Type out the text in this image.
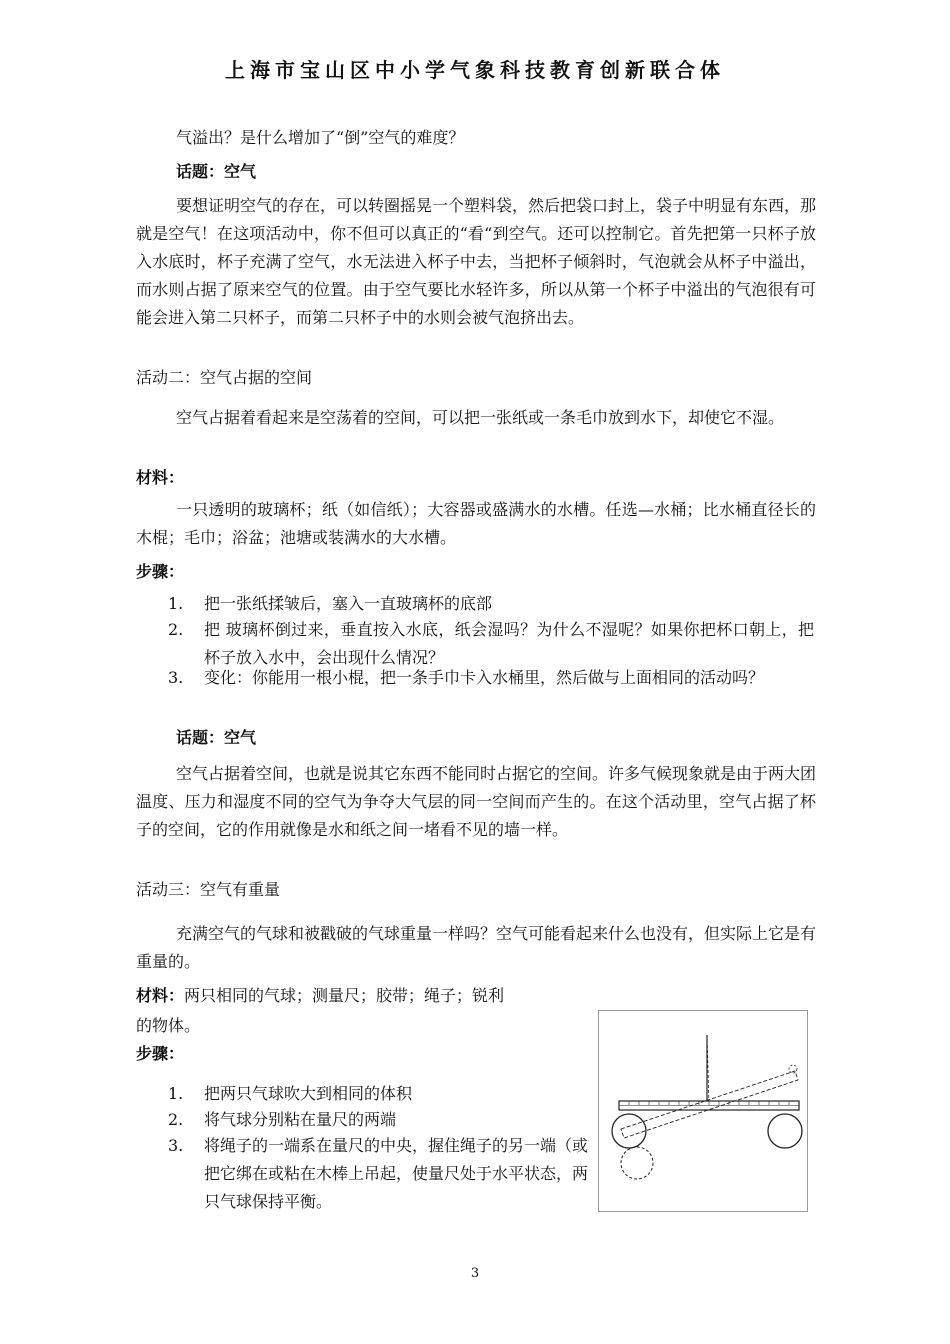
上海市宝山区中小学气象科技教育创新联合体

气溢出？是什么增加了“倒”空气的难度？

话题：空气

要想证明空气的存在，可以转圈摇晃一个塑料袋，然后把袋口封上，袋子中明显有东西，那就是空气！在这项活动中，你不但可以真正的“看“到空气。还可以控制它。首先把第一只杯子放入水底时，杯子充满了空气，水无法进入杯子中去，当把杯子倾斜时，气泡就会从杯子中溢出，而水则占据了原来空气的位置。由于空气要比水轻许多，所以从第一个杯子中溢出的气泡很有可能会进入第二只杯子，而第二只杯子中的水则会被气泡挤出去。

活动二：空气占据的空间

空气占据着看起来是空荡着的空间，可以把一张纸或一条毛巾放到水下，却使它不湿。

材料：

一只透明的玻璃杯；纸（如信纸）；大容器或盛满水的水槽。任选—水桶；比水桶直径长的木棍；毛巾；浴盆；池塘或装满水的大水槽。

步骤：
1.	把一张纸揉皱后，塞入一直玻璃杯的底部
2.	把 玻璃杯倒过来，垂直按入水底，纸会湿吗？为什么不湿呢？如果你把杯口朝上，把杯子放入水中，会出现什么情况？
3.	变化：你能用一根小棍，把一条手巾卡入水桶里，然后做与上面相同的活动吗？
话题：空气

空气占据着空间，也就是说其它东西不能同时占据它的空间。许多气候现象就是由于两大团温度、压力和湿度不同的空气为争夺大气层的同一空间而产生的。在这个活动里，空气占据了杯子的空间，它的作用就像是水和纸之间一堵看不见的墙一样。

活动三：空气有重量

充满空气的气球和被戳破的气球重量一样吗？空气可能看起来什么也没有，但实际上它是有重量的。

材料：两只相同的气球；测量尺；胶带；绳子；锐利
的物体。
步骤：
1.	把两只气球吹大到相同的体积
2.	将气球分别粘在量尺的两端
3.	将绳子的一端系在量尺的中央，握住绳子的另一端（或把它绑在或粘在木棒上吊起，使量尺处于水平状态，两只气球保持平衡。
3
